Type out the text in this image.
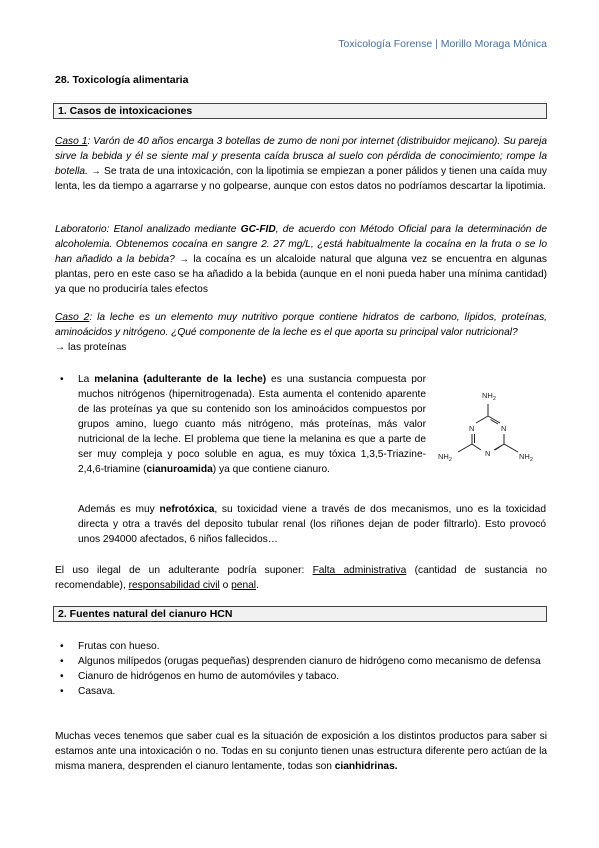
Toxicología Forense | Morillo Moraga Mónica
28. Toxicología alimentaria
1. Casos de intoxicaciones
Caso 1: Varón de 40 años encarga 3 botellas de zumo de noni por internet (distribuidor mejicano). Su pareja sirve la bebida y él se siente mal y presenta caída brusca al suelo con pérdida de conocimiento; rompe la botella. → Se trata de una intoxicación, con la lipotimia se empiezan a poner pálidos y tienen una caída muy lenta, les da tiempo a agarrarse y no golpearse, aunque con estos datos no podríamos descartar la lipotimia.
Laboratorio: Etanol analizado mediante GC-FID, de acuerdo con Método Oficial para la determinación de alcoholemia. Obtenemos cocaína en sangre 2. 27 mg/L, ¿está habitualmente la cocaína en la fruta o se lo han añadido a la bebida? → la cocaína es un alcaloide natural que alguna vez se encuentra en algunas plantas, pero en este caso se ha añadido a la bebida (aunque en el noni pueda haber una mínima cantidad) ya que no produciría tales efectos
Caso 2: la leche es un elemento muy nutritivo porque contiene hidratos de carbono, lípidos, proteínas, aminoácidos y nitrógeno. ¿Qué componente de la leche es el que aporta su principal valor nutricional?
→ las proteínas
• La melanina (adulterante de la leche) es una sustancia compuesta por muchos nitrógenos (hipernitrogenada). Esta aumenta el contenido aparente de las proteínas ya que su contenido son los aminoácidos compuestos por grupos amino, luego cuanto más nitrógeno, más proteínas, más valor nutricional de la leche. El problema que tiene la melanina es que a parte de ser muy compleja y poco soluble en agua, es muy tóxica 1,3,5-Triazine-2,4,6-triamine (cianuroamida) ya que contiene cianuro.
$NH_2$
N	N
N
$NH_2$	$NH_2$
Además es muy nefrotóxica, su toxicidad viene a través de dos mecanismos, uno es la toxicidad directa y otra a través del deposito tubular renal (los riñones dejan de poder filtrarlo). Esto provocó unos 294000 afectados, 6 niños fallecidos…
El uso ilegal de un adulterante podría suponer: Falta administrativa (cantidad de sustancia no recomendable), responsabilidad civil o penal.
2. Fuentes natural del cianuro HCN
• Frutas con hueso.
• Algunos milípedos (orugas pequeñas) desprenden cianuro de hidrógeno como mecanismo de defensa
• Cianuro de hidrógenos en humo de automóviles y tabaco.
• Casava.
Muchas veces tenemos que saber cual es la situación de exposición a los distintos productos para saber si estamos ante una intoxicación o no. Todas en su conjunto tienen unas estructura diferente pero actúan de la misma manera, desprenden el cianuro lentamente, todas son cianhidrinas.
